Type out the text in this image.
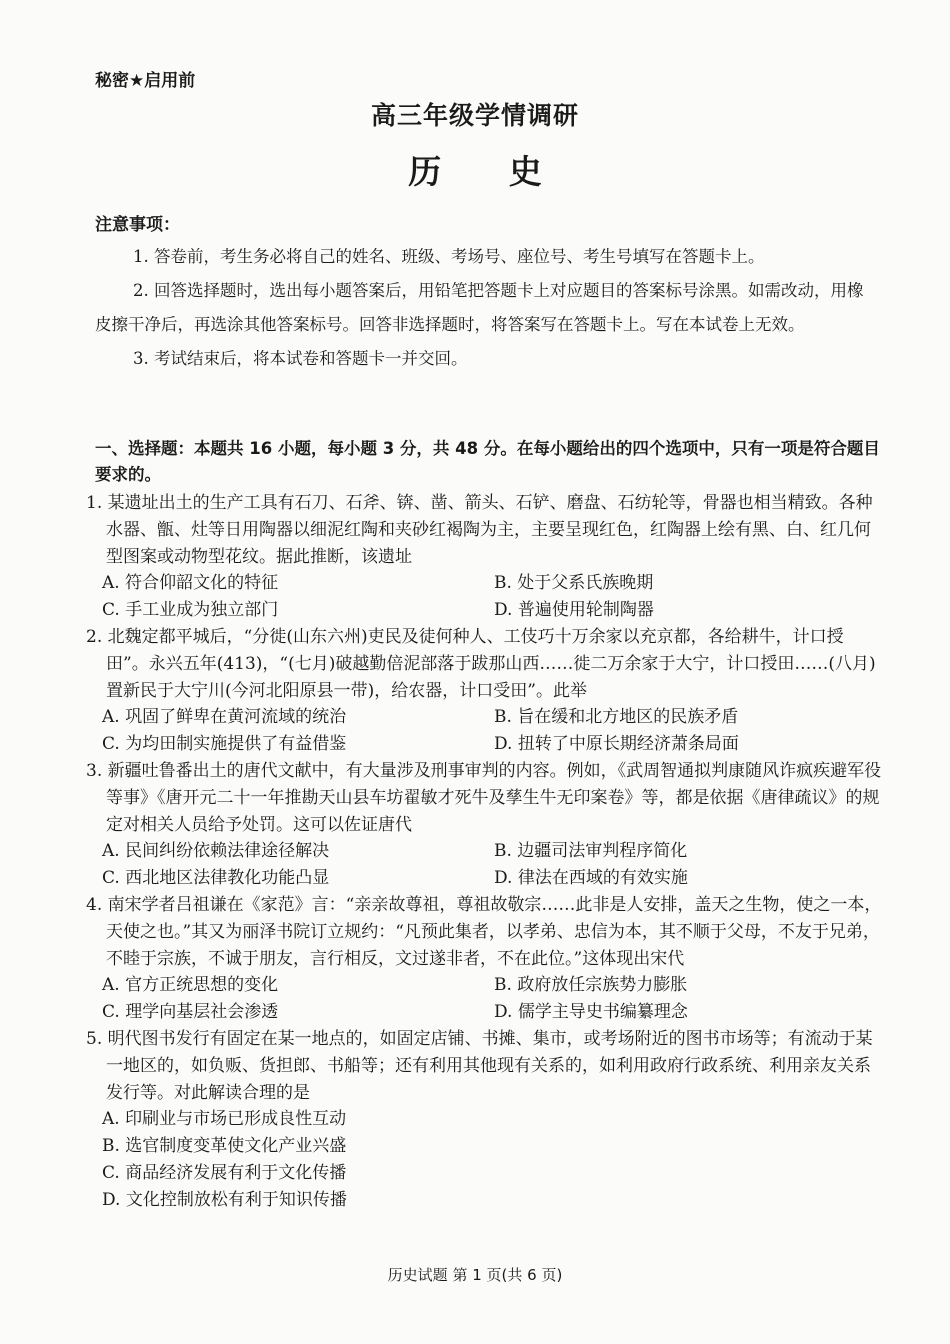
秘密★启用前
高三年级学情调研
历 史
注意事项：

1. 答卷前，考生务必将自己的姓名、班级、考场号、座位号、考生号填写在答题卡上。

2. 回答选择题时，选出每小题答案后，用铅笔把答题卡上对应题目的答案标号涂黑。如需改动，用橡皮擦干净后，再选涂其他答案标号。回答非选择题时，将答案写在答题卡上。写在本试卷上无效。

3. 考试结束后，将本试卷和答题卡一并交回。

一、选择题：本题共 16 小题，每小题 3 分，共 48 分。在每小题给出的四个选项中，只有一项是符合题目要求的。

1. 某遗址出土的生产工具有石刀、石斧、锛、凿、箭头、石铲、磨盘、石纺轮等，骨器也相当精致。各种水器、甑、灶等日用陶器以细泥红陶和夹砂红褐陶为主，主要呈现红色，红陶器上绘有黑、白、红几何型图案或动物型花纹。据此推断，该遗址

A. 符合仰韶文化的特征	B. 处于父系氏族晚期

C. 手工业成为独立部门	D. 普遍使用轮制陶器

2. 北魏定都平城后，“分徙(山东六州)吏民及徒何种人、工伎巧十万余家以充京都，各给耕牛，计口授田”。永兴五年(413)，“(七月)破越勤倍泥部落于跋那山西……徙二万余家于大宁，计口授田……(八月)置新民于大宁川(今河北阳原县一带)，给农器，计口受田”。此举

A. 巩固了鲜卑在黄河流域的统治	B. 旨在缓和北方地区的民族矛盾

C. 为均田制实施提供了有益借鉴	D. 扭转了中原长期经济萧条局面

3. 新疆吐鲁番出土的唐代文献中，有大量涉及刑事审判的内容。例如，《武周智通拟判康随风诈疯疾避军役等事》《唐开元二十一年推勘天山县车坊翟敏才死牛及孳生牛无印案卷》等，都是依据《唐律疏议》的规定对相关人员给予处罚。这可以佐证唐代

A. 民间纠纷依赖法律途径解决	B. 边疆司法审判程序简化

C. 西北地区法律教化功能凸显	D. 律法在西域的有效实施

4. 南宋学者吕祖谦在《家范》言：“亲亲故尊祖，尊祖故敬宗……此非是人安排，盖天之生物，使之一本，天使之也。”其又为丽泽书院订立规约：“凡预此集者，以孝弟、忠信为本，其不顺于父母，不友于兄弟，不睦于宗族，不诚于朋友，言行相反，文过遂非者，不在此位。”这体现出宋代

A. 官方正统思想的变化	B. 政府放任宗族势力膨胀

C. 理学向基层社会渗透	D. 儒学主导史书编纂理念

5. 明代图书发行有固定在某一地点的，如固定店铺、书摊、集市，或考场附近的图书市场等；有流动于某一地区的，如负贩、货担郎、书船等；还有利用其他现有关系的，如利用政府行政系统、利用亲友关系发行等。对此解读合理的是

A. 印刷业与市场已形成良性互动

B. 选官制度变革使文化产业兴盛

C. 商品经济发展有利于文化传播

D. 文化控制放松有利于知识传播

历史试题 第 1 页(共 6 页)
